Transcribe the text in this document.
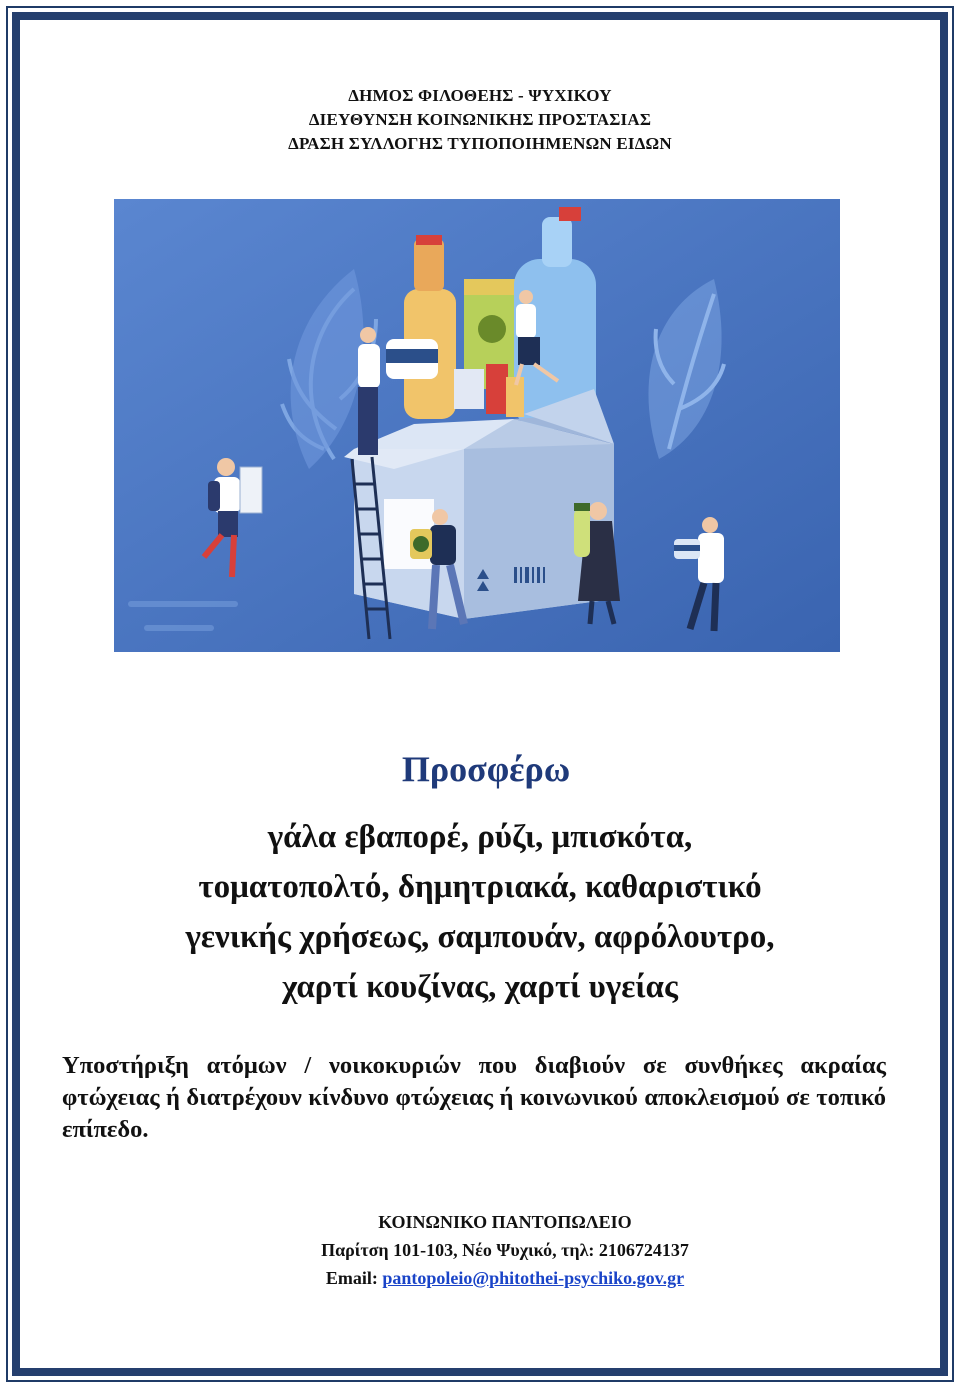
ΔΗΜΟΣ ΦΙΛΟΘΕΗΣ - ΨΥΧΙΚΟΥ
ΔΙΕΥΘΥΝΣΗ ΚΟΙΝΩΝΙΚΗΣ ΠΡΟΣΤΑΣΙΑΣ
ΔΡΑΣΗ ΣΥΛΛΟΓΗΣ ΤΥΠΟΠΟΙΗΜΕΝΩΝ ΕΙΔΩΝ
Προσφέρω
γάλα εβαπορέ, ρύζι, μπισκότα,
τοματοπολτό, δημητριακά, καθαριστικό
γενικής χρήσεως, σαμπουάν, αφρόλουτρο,
χαρτί κουζίνας, χαρτί υγείας
Υποστήριξη ατόμων / νοικοκυριών που διαβιούν σε συνθήκες ακραίας φτώχειας ή διατρέχουν κίνδυνο φτώχειας ή κοινωνικού αποκλεισμού σε τοπικό επίπεδο.
ΚΟΙΝΩΝΙΚΟ ΠΑΝΤΟΠΩΛΕΙΟ
Παρίτση 101-103, Νέο Ψυχικό, τηλ: 2106724137
Email: pantopoleio@phitothei-psychiko.gov.gr
